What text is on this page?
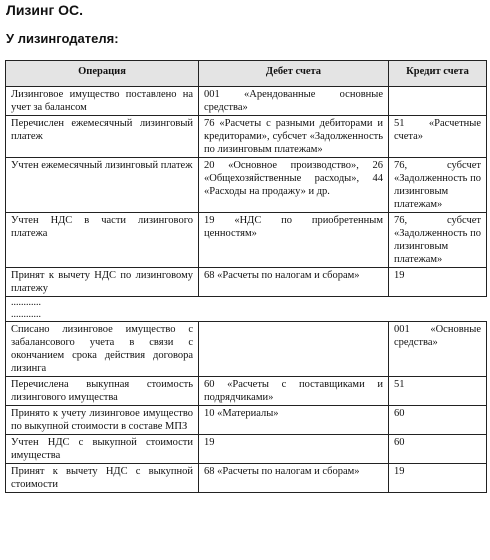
Лизинг ОС.
У лизингодателя:
Операция	Дебет счета	Кредит счета
Лизинговое имущество поставлено на учет за балансом	001 «Арендованные основные средства»	
Перечислен ежемесячный лизинговый платеж	76 «Расчеты с разными дебиторами и кредиторами», субсчет «Задолженность по лизинговым платежам»	51 «Расчетные счета»
Учтен ежемесячный лизинговый платеж	20 «Основное производство», 26 «Общехозяйственные расходы», 44 «Расходы на продажу» и др.	76, субсчет «Задолженность по лизинговым платежам»
Учтен НДС в части лизингового платежа	19 «НДС по приобретенным ценностям»	76, субсчет «Задолженность по лизинговым платежам»
Принят к вычету НДС по лизинговому платежу	68 «Расчеты по налогам и сборам»	19
............		
............		
Списано лизинговое имущество с забалансового учета в связи с окончанием срока действия договора лизинга		001 «Основные средства»
Перечислена выкупная стоимость лизингового имущества	60 «Расчеты с поставщиками и подрядчиками»	51
Принято к учету лизинговое имущество по выкупной стоимости в составе МПЗ	10 «Материалы»	60
Учтен НДС с выкупной стоимости имущества	19	60
Принят к вычету НДС с выкупной стоимости	68 «Расчеты по налогам и сборам»	19
